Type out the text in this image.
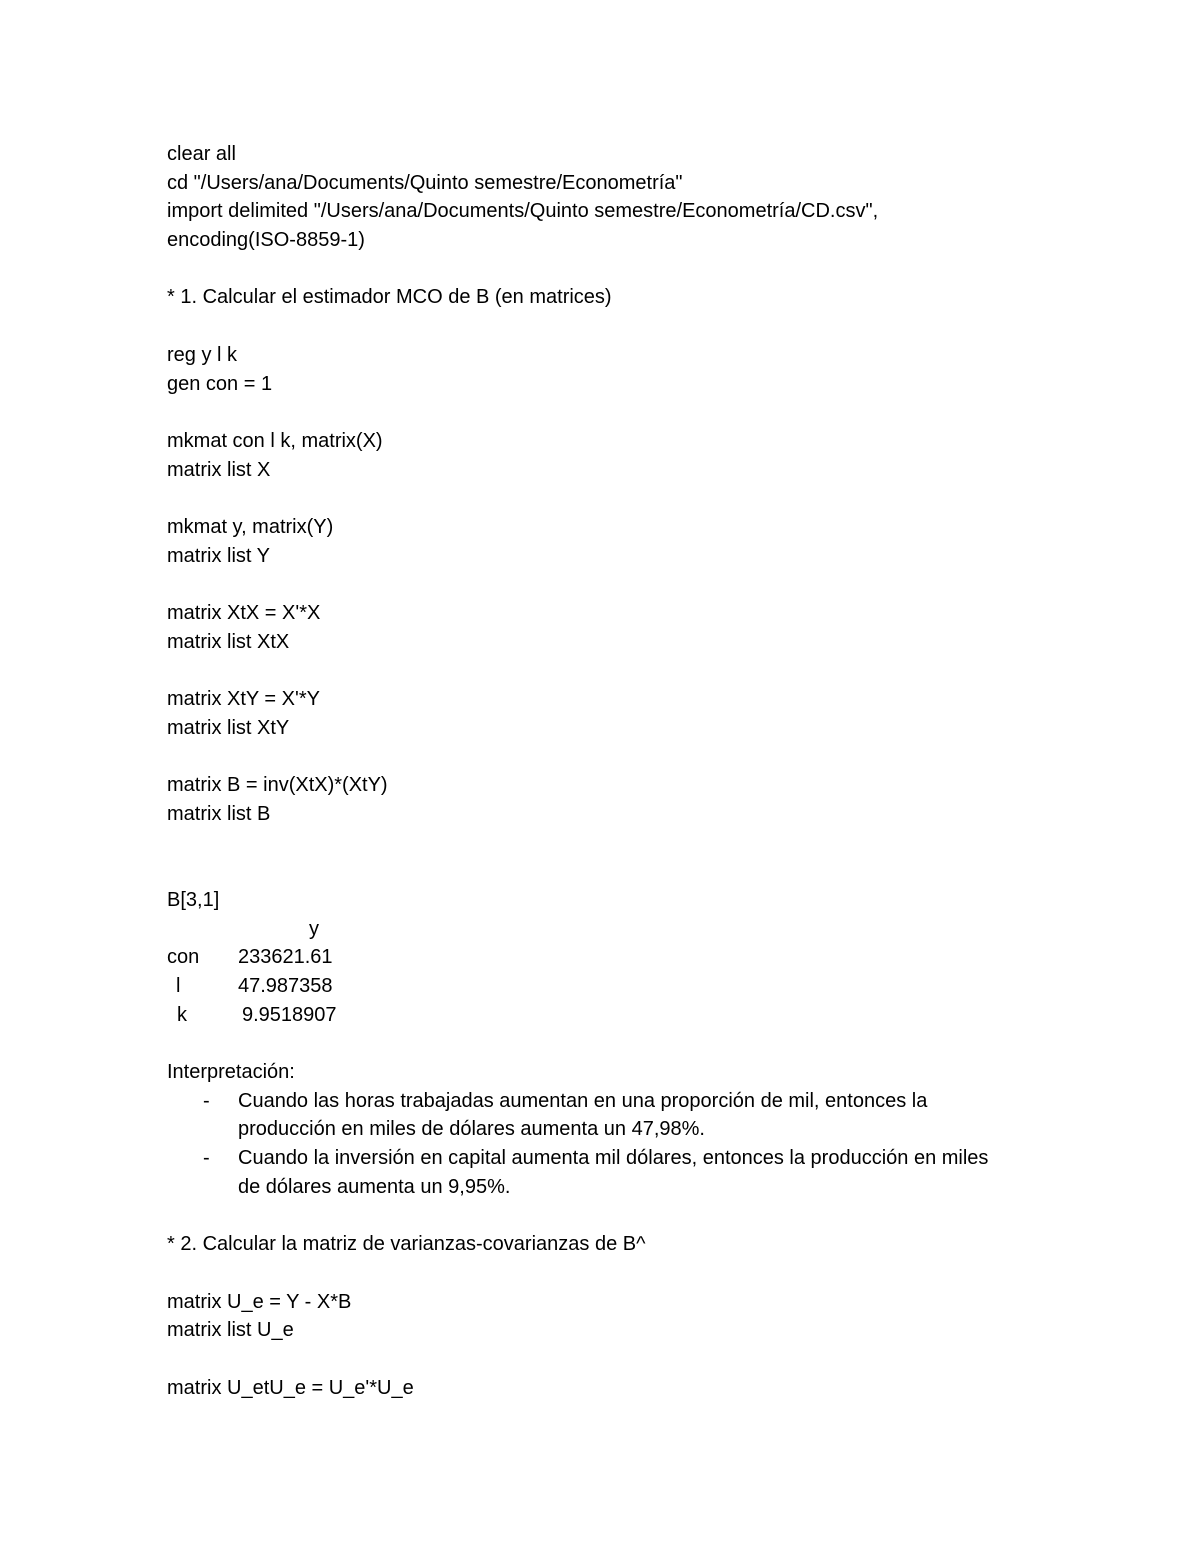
clear all
cd "/Users/ana/Documents/Quinto semestre/Econometría"
import delimited "/Users/ana/Documents/Quinto semestre/Econometría/CD.csv",
encoding(ISO-8859-1)
* 1. Calcular el estimador MCO de B (en matrices)
reg y l k
gen con = 1
mkmat con l k, matrix(X)
matrix list X
mkmat y, matrix(Y)
matrix list Y
matrix XtX = X'*X
matrix list XtX
matrix XtY = X'*Y
matrix list XtY
matrix B = inv(XtX)*(XtY)
matrix list B
B[3,1]
y
con 233621.61
l	47.987358
k	9.9518907
Interpretación:
- Cuando las horas trabajadas aumentan en una proporción de mil, entonces la producción en miles de dólares aumenta un 47,98%.
- Cuando la inversión en capital aumenta mil dólares, entonces la producción en miles de dólares aumenta un 9,95%.
* 2. Calcular la matriz de varianzas-covarianzas de B^
matrix U_e = Y - X*B
matrix list U_e
matrix U_etU_e = U_e'*U_e
